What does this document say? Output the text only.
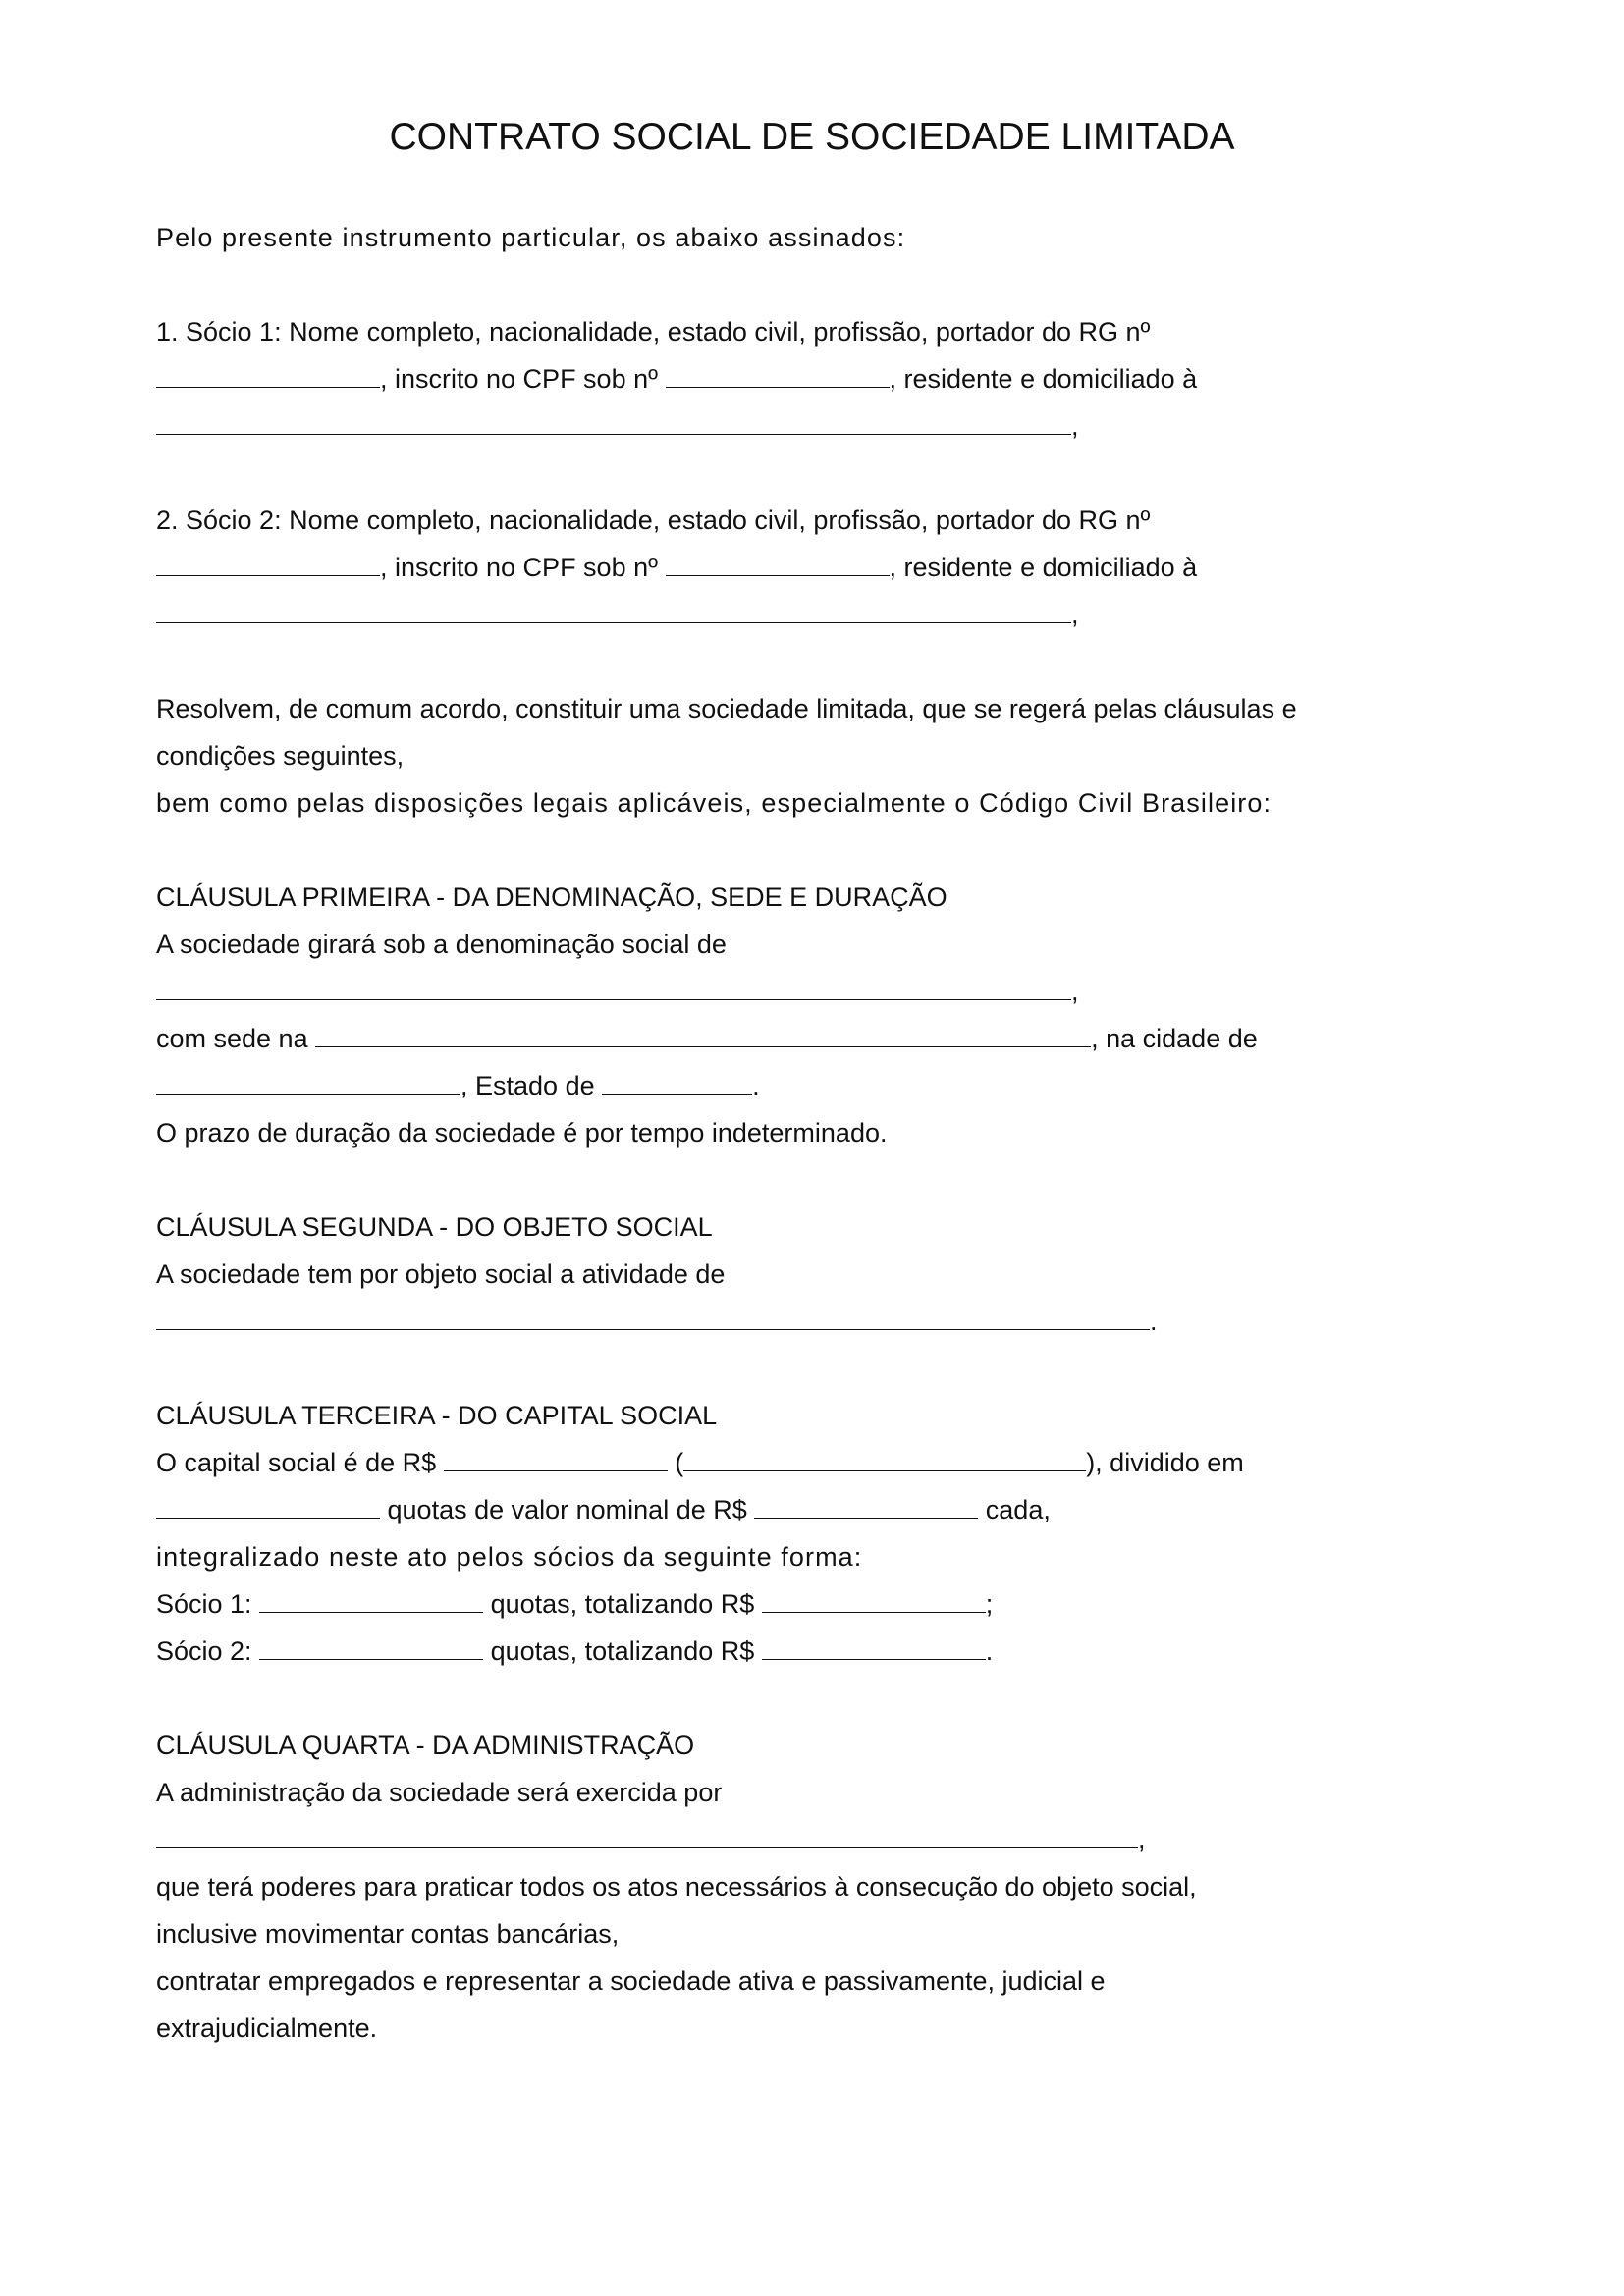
CONTRATO SOCIAL DE SOCIEDADE LIMITADA
Pelo presente instrumento particular, os abaixo assinados:
1. Sócio 1: Nome completo, nacionalidade, estado civil, profissão, portador do RG nº
, inscrito no CPF sob nº	, residente e domiciliado à
,
2. Sócio 2: Nome completo, nacionalidade, estado civil, profissão, portador do RG nº
, inscrito no CPF sob nº	, residente e domiciliado à
,
Resolvem, de comum acordo, constituir uma sociedade limitada, que se regerá pelas cláusulas e
condições seguintes,
bem como pelas disposições legais aplicáveis, especialmente o Código Civil Brasileiro:
CLÁUSULA PRIMEIRA - DA DENOMINAÇÃO, SEDE E DURAÇÃO
A sociedade girará sob a denominação social de
,
com sede na	, na cidade de
, Estado de	.
O prazo de duração da sociedade é por tempo indeterminado.
CLÁUSULA SEGUNDA - DO OBJETO SOCIAL
A sociedade tem por objeto social a atividade de
.
CLÁUSULA TERCEIRA - DO CAPITAL SOCIAL
O capital social é de R$	(	), dividido em
quotas de valor nominal de R$	cada,
integralizado neste ato pelos sócios da seguinte forma:
Sócio 1:	quotas, totalizando R$	;
Sócio 2:	quotas, totalizando R$	.
CLÁUSULA QUARTA - DA ADMINISTRAÇÃO
A administração da sociedade será exercida por
,
que terá poderes para praticar todos os atos necessários à consecução do objeto social,
inclusive movimentar contas bancárias,
contratar empregados e representar a sociedade ativa e passivamente, judicial e
extrajudicialmente.
